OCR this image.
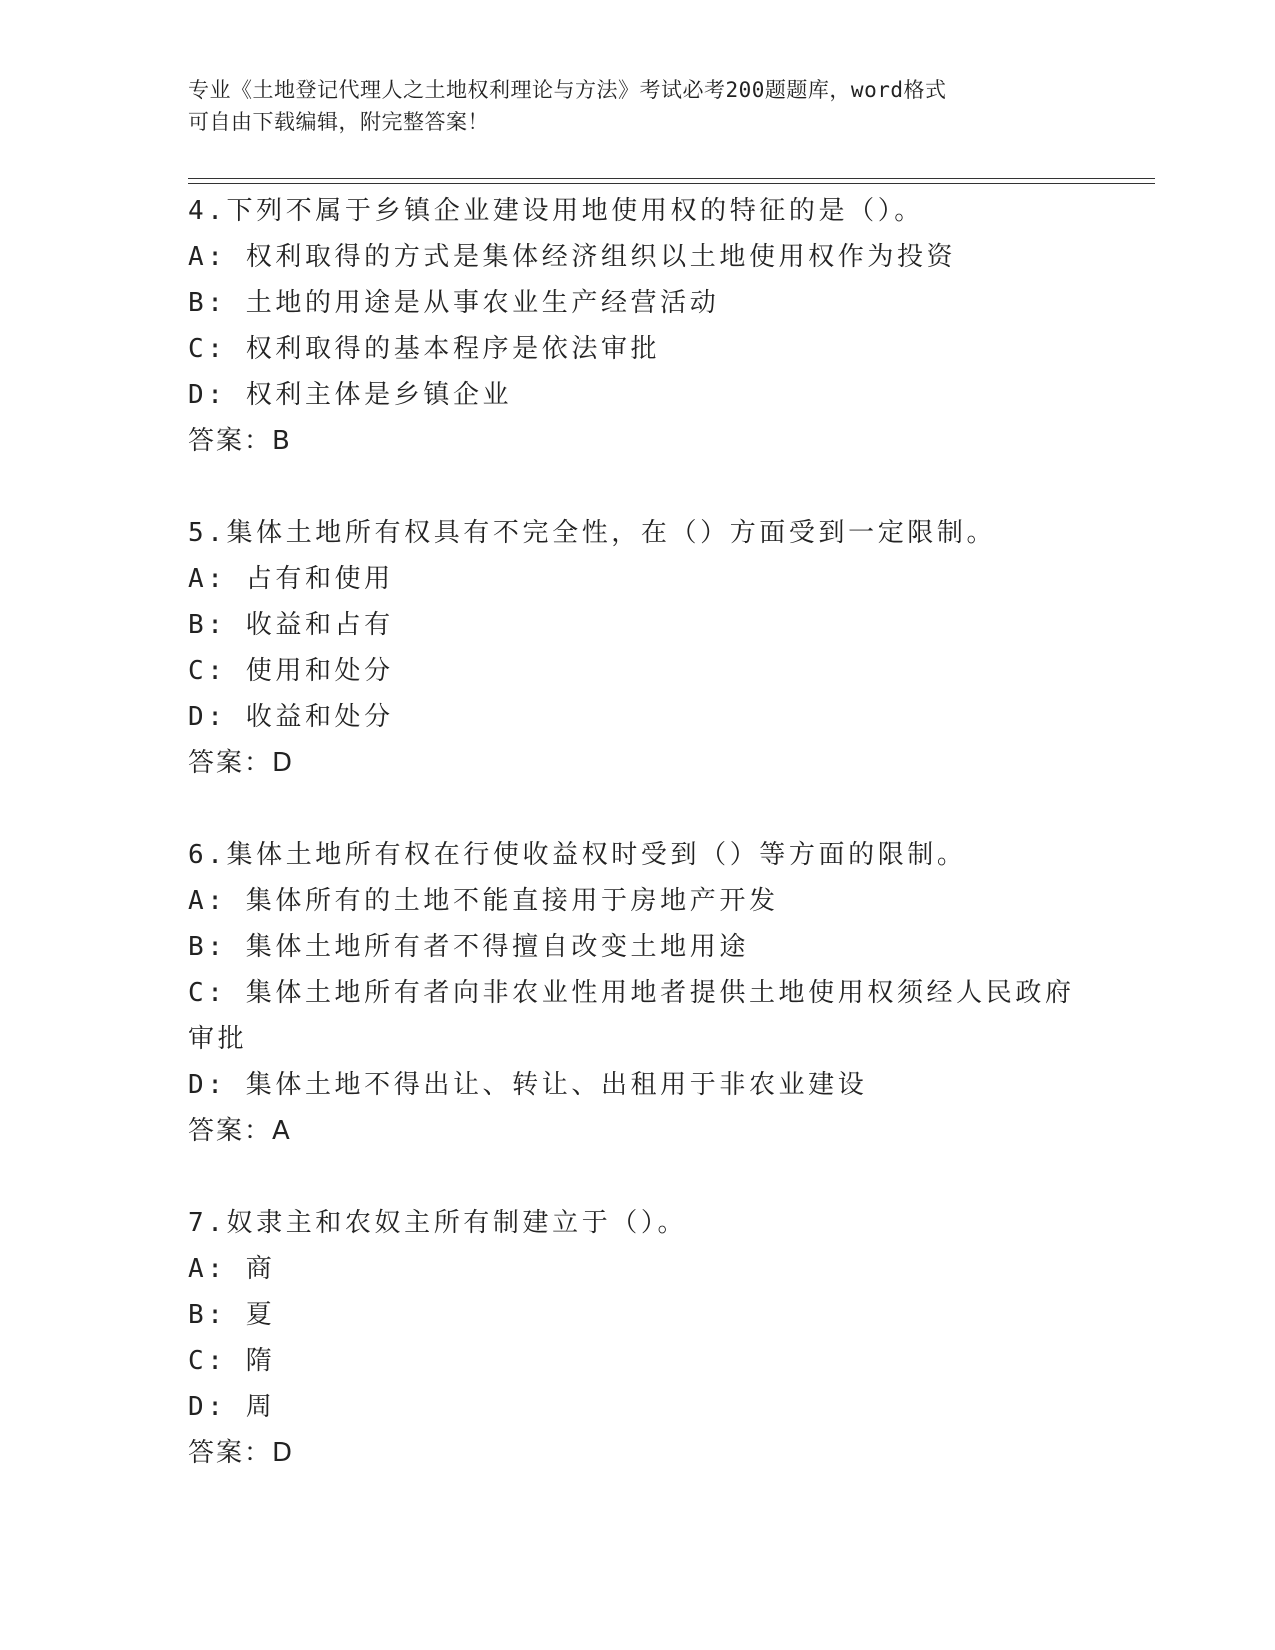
专业《土地登记代理人之土地权利理论与方法》考试必考200题题库，word格式
可自由下载编辑，附完整答案！
4.下列不属于乡镇企业建设用地使用权的特征的是（）。
A: 权利取得的方式是集体经济组织以土地使用权作为投资
B: 土地的用途是从事农业生产经营活动
C: 权利取得的基本程序是依法审批
D: 权利主体是乡镇企业
答案：B
5.集体土地所有权具有不完全性，在（）方面受到一定限制。
A: 占有和使用
B: 收益和占有
C: 使用和处分
D: 收益和处分
答案：D
6.集体土地所有权在行使收益权时受到（）等方面的限制。
A: 集体所有的土地不能直接用于房地产开发
B: 集体土地所有者不得擅自改变土地用途
C: 集体土地所有者向非农业性用地者提供土地使用权须经人民政府审批
D: 集体土地不得出让、转让、出租用于非农业建设
答案：A
7.奴隶主和农奴主所有制建立于（）。
A: 商
B: 夏
C: 隋
D: 周
答案：D
